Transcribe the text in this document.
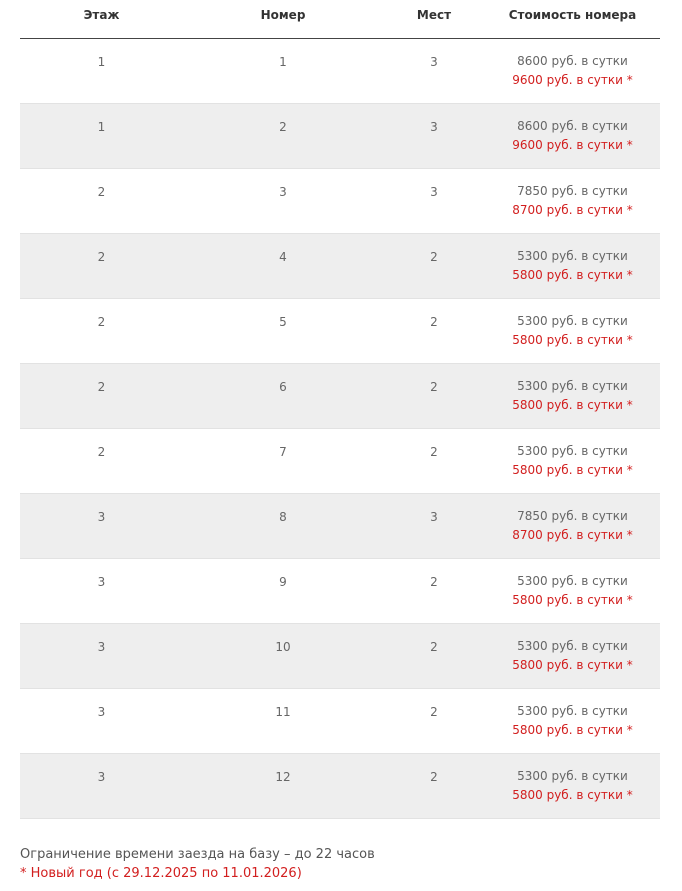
Этаж	Номер	Мест	Стоимость номера
1	1	3	8600 руб. в сутки
9600 руб. в сутки *

1	2	3	8600 руб. в сутки
9600 руб. в сутки *

2	3	3	7850 руб. в сутки
8700 руб. в сутки *

2	4	2	5300 руб. в сутки
5800 руб. в сутки *

2	5	2	5300 руб. в сутки
5800 руб. в сутки *

2	6	2	5300 руб. в сутки
5800 руб. в сутки *

2	7	2	5300 руб. в сутки
5800 руб. в сутки *

3	8	3	7850 руб. в сутки
8700 руб. в сутки *

3	9	2	5300 руб. в сутки
5800 руб. в сутки *

3	10	2	5300 руб. в сутки
5800 руб. в сутки *

3	11	2	5300 руб. в сутки
5800 руб. в сутки *

3	12	2	5300 руб. в сутки
5800 руб. в сутки *
Ограничение времени заезда на базу – до 22 часов
* Новый год (с 29.12.2025 по 11.01.2026)
